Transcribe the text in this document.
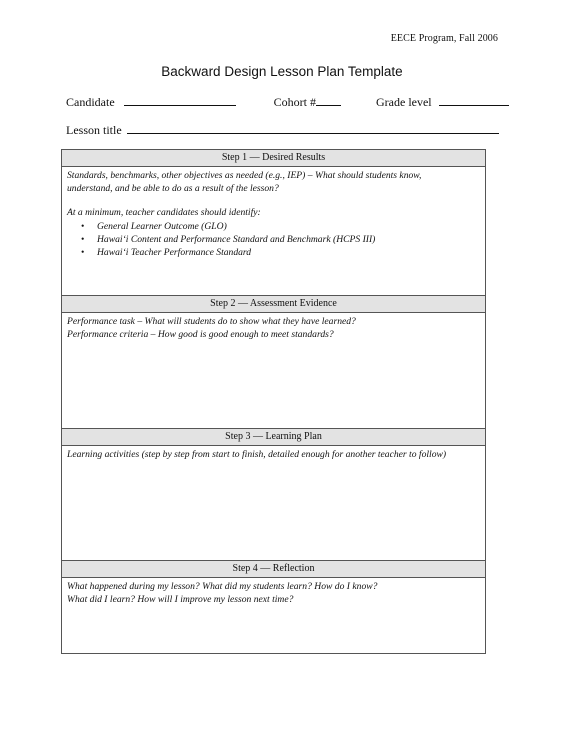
EECE Program, Fall 2006
Backward Design Lesson Plan Template
Candidate	Cohort #	Grade level
Lesson title
Step 1 — Desired Results

Standards, benchmarks, other objectives as needed (e.g., IEP) – What should students know,

understand, and be able to do as a result of the lesson?

At a minimum, teacher candidates should identify:

• General Learner Outcome (GLO)
• Hawai‘i Content and Performance Standard and Benchmark (HCPS III)
• Hawai‘i Teacher Performance Standard
Step 2 — Assessment Evidence

Performance task – What will students do to show what they have learned?

Performance criteria – How good is good enough to meet standards?

Step 3 — Learning Plan

Learning activities (step by step from start to finish, detailed enough for another teacher to follow)

Step 4 — Reflection

What happened during my lesson? What did my students learn? How do I know?

What did I learn? How will I improve my lesson next time?
